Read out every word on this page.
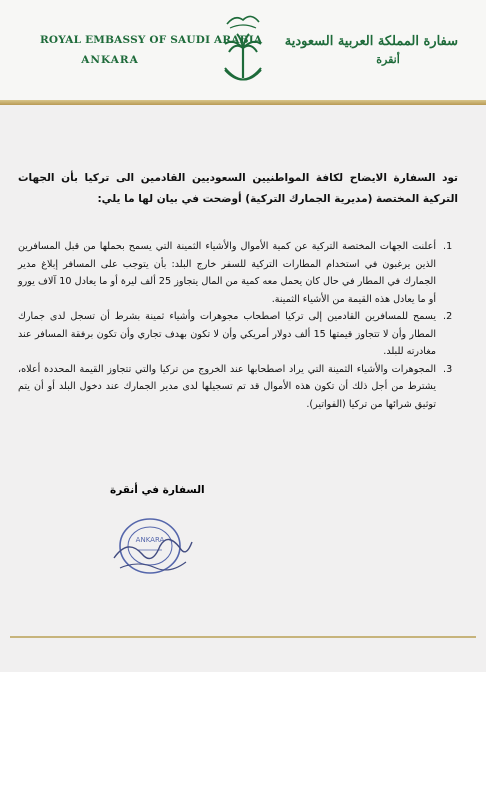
ROYAL EMBASSY OF SAUDI ARABIA
ANKARA
سفارة المملكة العربية السعودية
أنقرة
تود السفارة الايضاح لكافة المواطنيين السعوديين القادمين الى تركيا بأن الجهات التركية المختصة (مديرية الجمارك التركية) أوضحت في بيان لها ما يلي:
1. أعلنت الجهات المختصة التركية عن كمية الأموال والأشياء الثمينة التي يسمح بحملها من قبل المسافرين الذين يرغبون في استخدام المطارات التركية للسفر خارج البلد: بأن يتوجب على المسافر إبلاغ مدير الجمارك في المطار في حال كان يحمل معه كمية من المال يتجاوز 25 ألف ليرة أو ما يعادل 10 آلاف يورو أو ما يعادل هذه القيمة من الأشياء الثمينة.
2. يسمح للمسافرين القادمين إلى تركيا اصطحاب مجوهرات وأشياء ثمينة بشرط أن تسجل لدى جمارك المطار وأن لا تتجاوز قيمتها 15 ألف دولار أمريكي وأن لا تكون بهدف تجاري وأن تكون برفقة المسافر عند مغادرته للبلد.
3. المجوهرات والأشياء الثمينة التي يراد اصطحابها عند الخروج من تركيا والتي تتجاوز القيمة المحددة أعلاه، يشترط من أجل ذلك أن تكون هذه الأموال قد تم تسجيلها لدى مدير الجمارك عند دخول البلد أو أن يتم توثيق شرائها من تركيا (الفواتير).
السفارة في أنقرة
ANKARA
